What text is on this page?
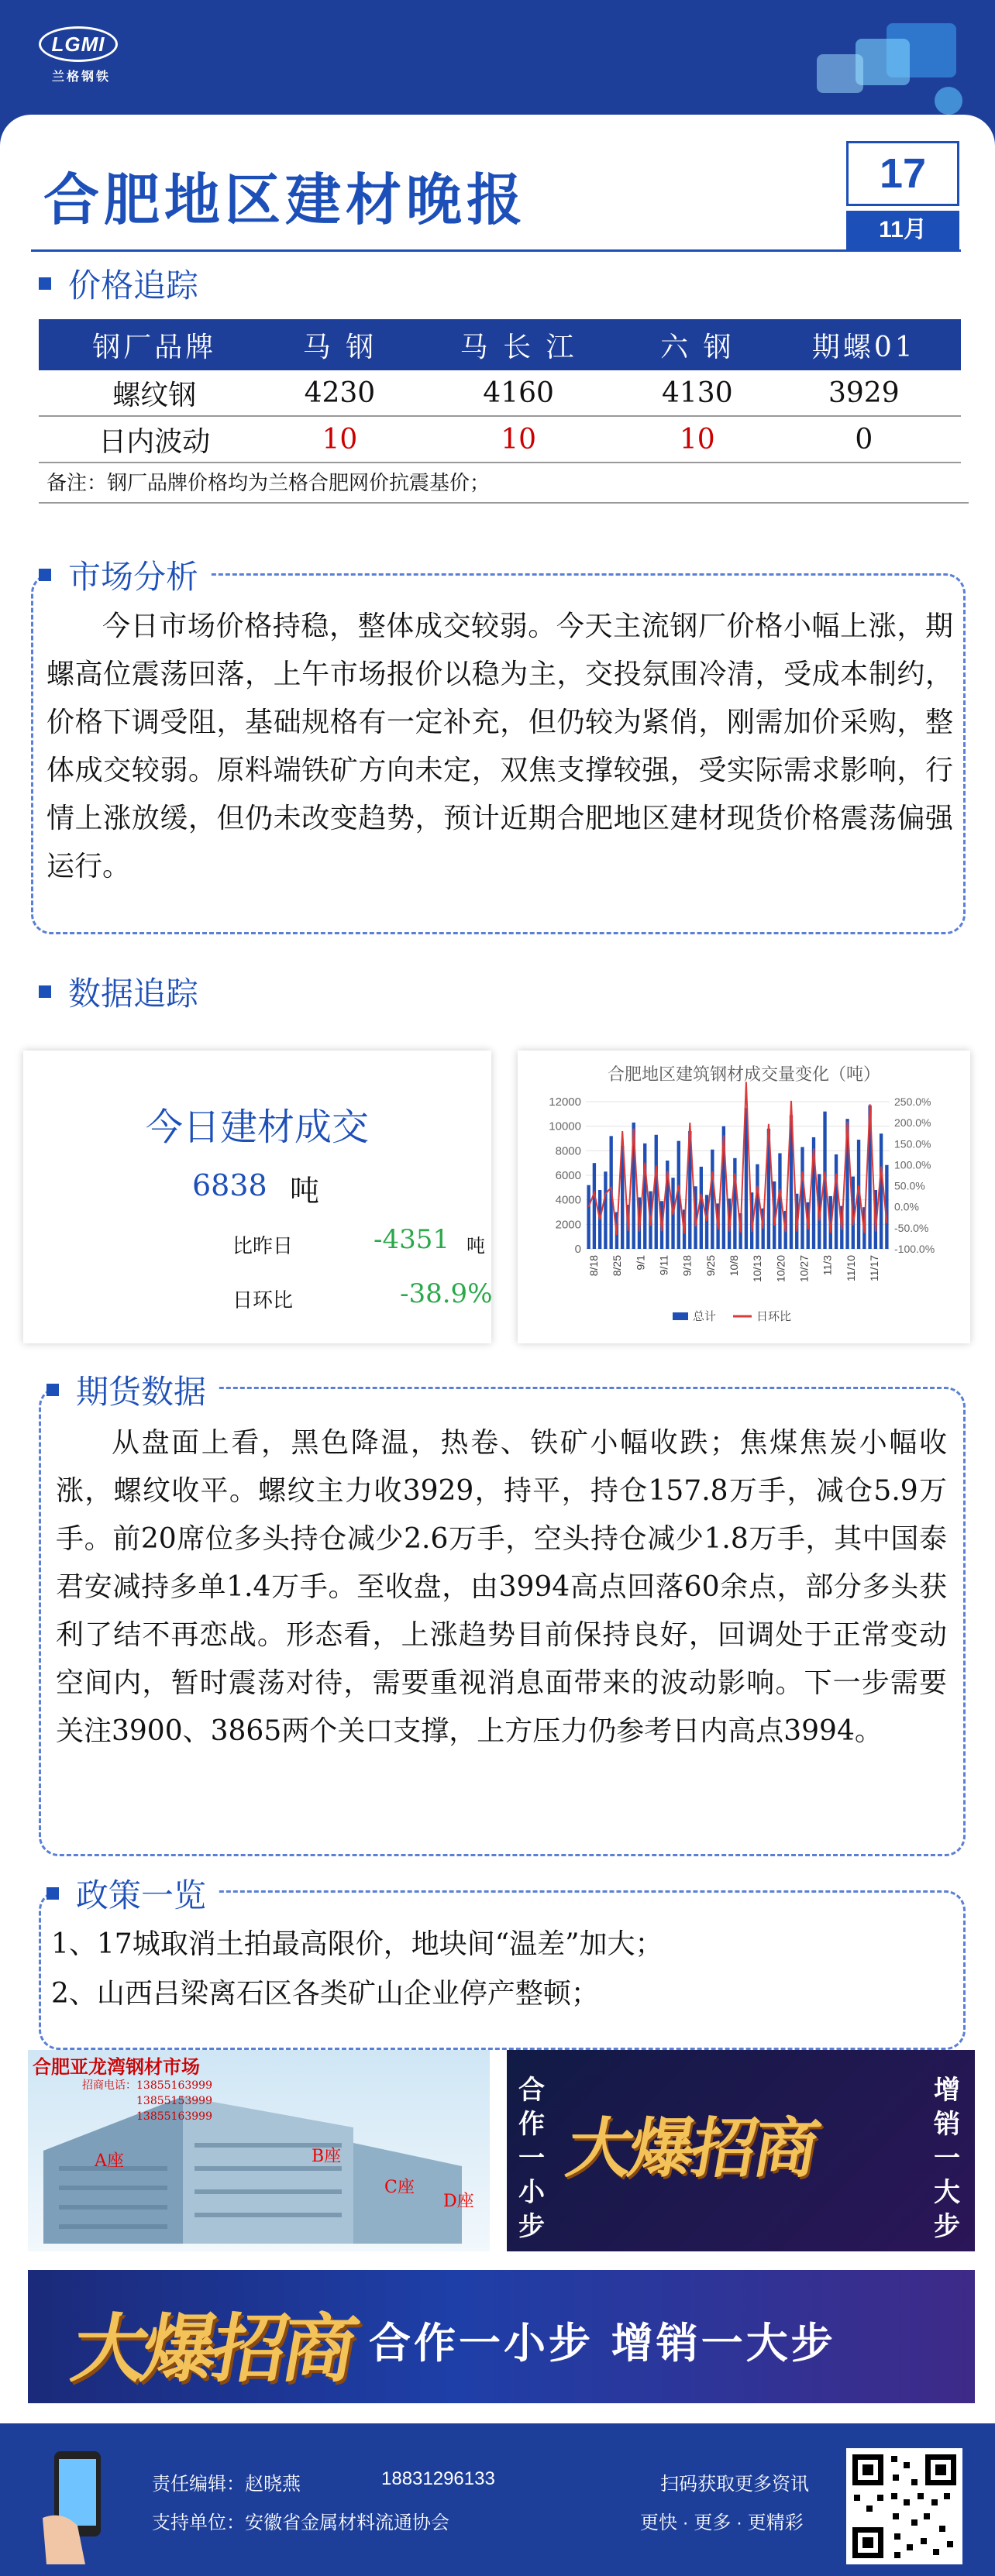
LGMI
兰格钢铁
合肥地区建材晚报	17
11月
价格追踪
钢厂品牌	马 钢	马 长 江	六 钢	期螺01
螺纹钢	4230	4160	4130	3929
日内波动	10	10	10	0
备注：钢厂品牌价格均为兰格合肥网价抗震基价；
市场分析
今日市场价格持稳，整体成交较弱。今天主流钢厂价格小幅上涨，期螺高位震荡回落，上午市场报价以稳为主，交投氛围冷清，受成本制约，价格下调受阻，基础规格有一定补充，但仍较为紧俏，刚需加价采购，整体成交较弱。原料端铁矿方向未定，双焦支撑较强，受实际需求影响，行情上涨放缓，但仍未改变趋势，预计近期合肥地区建材现货价格震荡偏强运行。
数据追踪
今日建材成交
6838 吨
比昨日	-4351 吨
日环比	-38.9%
合肥地区建筑钢材成交量变化（吨）
0
2000
4000
6000
8000
10000
12000
-100.0%
-50.0%
0.0%
50.0%
100.0%
150.0%
200.0%
250.0%
8/18 8/25 9/1 9/11 9/18 9/25 10/8 10/13 10/20 10/27 11/3 11/10 11/17
总计	日环比
期货数据
从盘面上看，黑色降温，热卷、铁矿小幅收跌；焦煤焦炭小幅收涨，螺纹收平。螺纹主力收3929，持平，持仓157.8万手，减仓5.9万手。前20席位多头持仓减少2.6万手，空头持仓减少1.8万手，其中国泰君安减持多单1.4万手。至收盘，由3994高点回落60余点，部分多头获利了结不再恋战。形态看，上涨趋势目前保持良好，回调处于正常变动空间内，暂时震荡对待，需要重视消息面带来的波动影响。下一步需要关注3900、3865两个关口支撑，上方压力仍参考日内高点3994。
政策一览
1、17城取消土拍最高限价，地块间“温差”加大；
2、山西吕梁离石区各类矿山企业停产整顿；
合肥亚龙湾钢材市场
招商电话：13855163999
13855153999
13855163999
A座	B座
C座
D座
合作一小步
大爆招商
增销一大步
大爆招商 合作一小步 增销一大步
责任编辑：赵晓燕	18831296133
支持单位：安徽省金属材料流通协会
扫码获取更多资讯
更快 · 更多 · 更精彩
